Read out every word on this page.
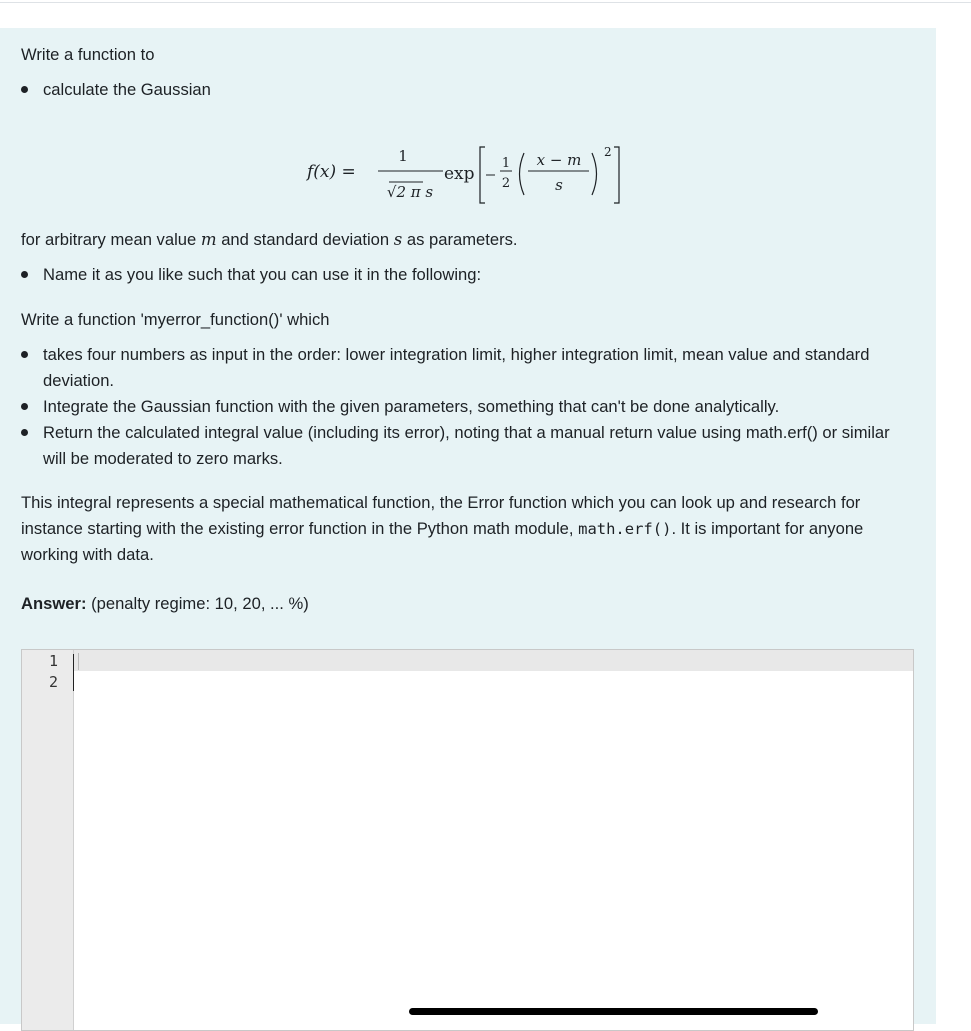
Write a function to

calculate the Gaussian
f(x) =
1
√2 π s
exp
1
2
x − m
s
2

for arbitrary mean value m and standard deviation s as parameters.

Name it as you like such that you can use it in the following:

Write a function 'myerror_function()' which

takes four numbers as input in the order: lower integration limit, higher integration limit, mean value and standard deviation.
Integrate the Gaussian function with the given parameters, something that can't be done analytically.
Return the calculated integral value (including its error), noting that a manual return value using math.erf() or similar will be moderated to zero marks.

This integral represents a special mathematical function, the Error function which you can look up and research for instance starting with the existing error function in the Python math module, math.erf(). It is important for anyone working with data.

Answer: (penalty regime: 10, 20, ... %)

1
2
